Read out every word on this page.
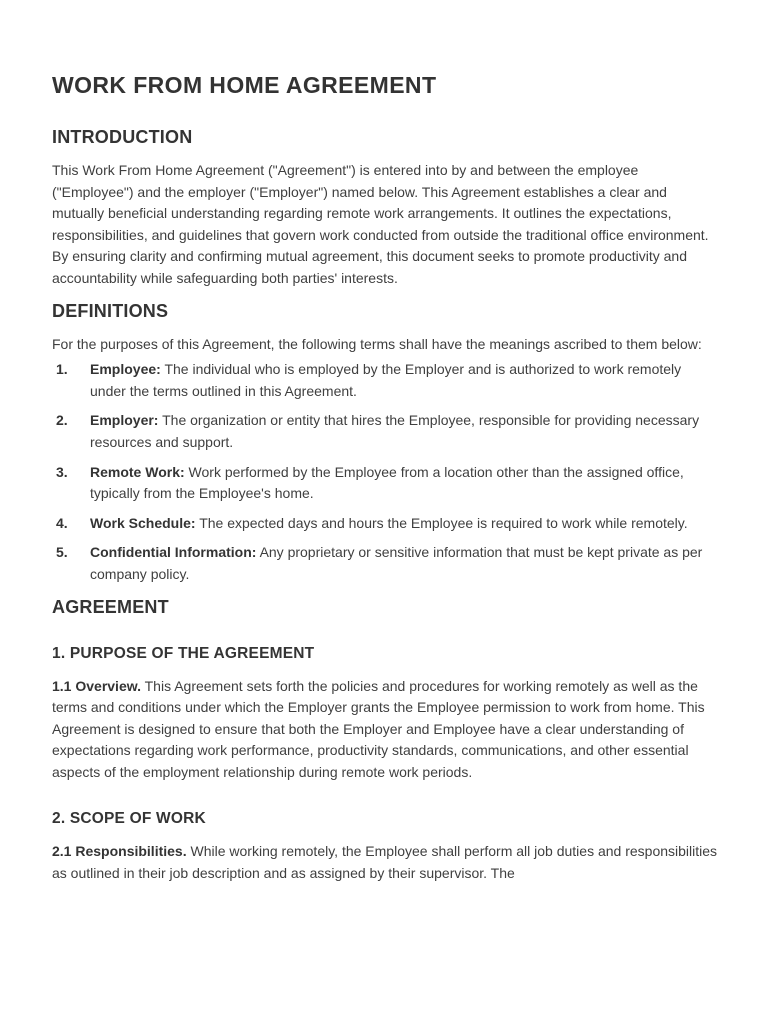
WORK FROM HOME AGREEMENT
INTRODUCTION

This Work From Home Agreement ("Agreement") is entered into by and between the employee ("Employee") and the employer ("Employer") named below. This Agreement establishes a clear and mutually beneficial understanding regarding remote work arrangements. It outlines the expectations, responsibilities, and guidelines that govern work conducted from outside the traditional office environment. By ensuring clarity and confirming mutual agreement, this document seeks to promote productivity and accountability while safeguarding both parties' interests.

DEFINITIONS

For the purposes of this Agreement, the following terms shall have the meanings ascribed to them below:

1.	Employee: The individual who is employed by the Employer and is authorized to work remotely under the terms outlined in this Agreement.
2.	Employer: The organization or entity that hires the Employee, responsible for providing necessary resources and support.
3.	Remote Work: Work performed by the Employee from a location other than the assigned office, typically from the Employee's home.
4.	Work Schedule: The expected days and hours the Employee is required to work while remotely.
5.	Confidential Information: Any proprietary or sensitive information that must be kept private as per company policy.
AGREEMENT
1. PURPOSE OF THE AGREEMENT

1.1 Overview. This Agreement sets forth the policies and procedures for working remotely as well as the terms and conditions under which the Employer grants the Employee permission to work from home. This Agreement is designed to ensure that both the Employer and Employee have a clear understanding of expectations regarding work performance, productivity standards, communications, and other essential aspects of the employment relationship during remote work periods.

2. SCOPE OF WORK

2.1 Responsibilities. While working remotely, the Employee shall perform all job duties and responsibilities as outlined in their job description and as assigned by their supervisor. The
